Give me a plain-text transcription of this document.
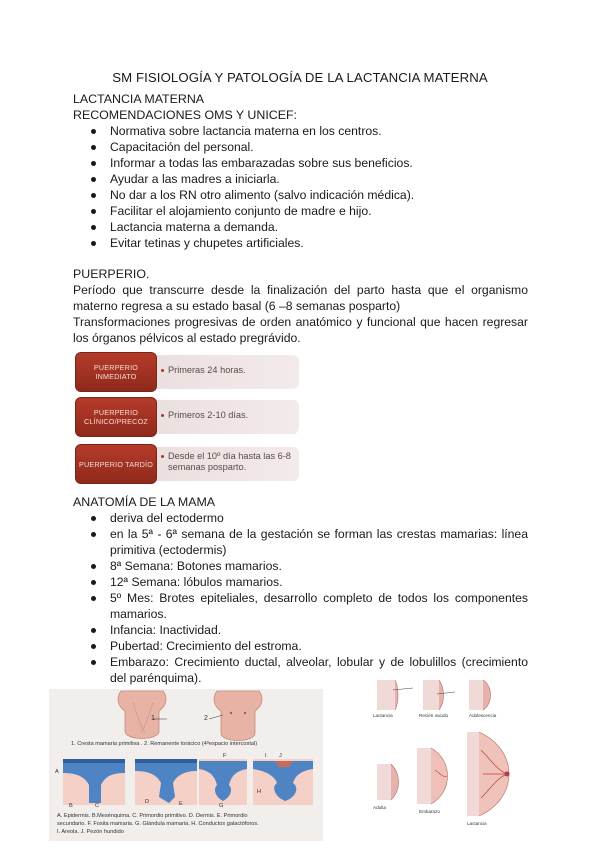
SM FISIOLOGÍA Y PATOLOGÍA DE LA LACTANCIA MATERNA
LACTANCIA MATERNA
RECOMENDACIONES OMS Y UNICEF:
Normativa sobre lactancia materna en los centros.
Capacitación del personal.
Informar a todas las embarazadas sobre sus beneficios.
Ayudar a las madres a iniciarla.
No dar a los RN otro alimento (salvo indicación médica).
Facilitar el alojamiento conjunto de madre e hijo.
Lactancia materna a demanda.
Evitar tetinas y chupetes artificiales.
PUERPERIO.
Período que transcurre desde la finalización del parto hasta que el organismo materno regresa a su estado basal (6 –8 semanas posparto)
Transformaciones progresivas de orden anatómico y funcional que hacen regresar los órganos pélvicos al estado pregrávido.
PUERPERIO INMEDIATO
Primeras 24 horas.
PUERPERIO CLÍNICO/PRECOZ
Primeros 2-10 días.
PUERPERIO TARDÍO
Desde el 10º día hasta las 6-8 semanas posparto.
ANATOMÍA DE LA MAMA
deriva del ectodermo
en la 5ª - 6ª semana de la gestación se forman las crestas mamarias: línea primitiva (ectodermis)
8ª Semana: Botones mamarios.
12ª Semana: lóbulos mamarios.
5º Mes: Brotes epiteliales, desarrollo completo de todos los componentes mamarios.
Infancia: Inactividad.
Pubertad: Crecimiento del estroma.
Embarazo: Crecimiento ductal, alveolar, lobular y de lobulillos (crecimiento del parénquima).
1	2
1. Cresta mamaria primitiva . 2. Remanente torácico (4ºespacio intercostal)
A
B	C
D	E
F	I J
G
H
A. Epidermis. B.Mesénquima. C. Primordio primitivo. D. Dermis. E. Primordio
secundario. F. Fosita mamaria. G. Glándula mamaria. H. Conductos galactóforos.
I. Areola. J. Pezón hundido
Lactancia	Recién nacido	Adolescencia
Adulta
Embarazo
Lactancia
